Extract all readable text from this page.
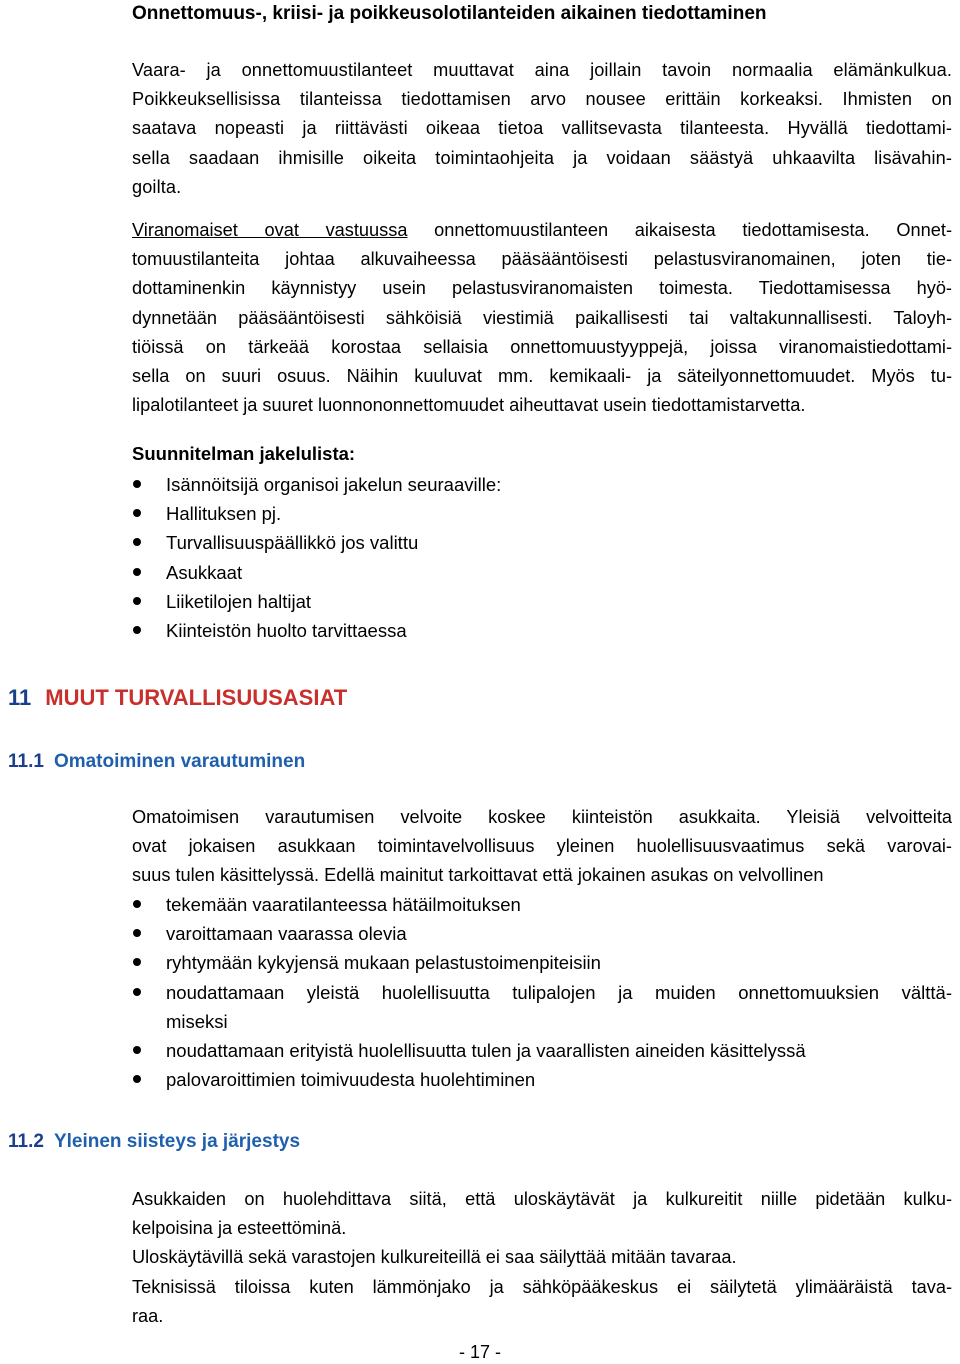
Onnettomuus-, kriisi- ja poikkeusolotilanteiden aikainen tiedottaminen
Vaara- ja onnettomuustilanteet muuttavat aina joillain tavoin normaalia elämänkulkua.
Poikkeuksellisissa tilanteissa tiedottamisen arvo nousee erittäin korkeaksi. Ihmisten on
saatava nopeasti ja riittävästi oikeaa tietoa vallitsevasta tilanteesta. Hyvällä tiedottami-
sella saadaan ihmisille oikeita toimintaohjeita ja voidaan säästyä uhkaavilta lisävahin-
goilta.
Viranomaiset ovat vastuussa onnettomuustilanteen aikaisesta tiedottamisesta. Onnet-
tomuustilanteita johtaa alkuvaiheessa pääsääntöisesti pelastusviranomainen, joten tie-
dottaminenkin käynnistyy usein pelastusviranomaisten toimesta. Tiedottamisessa hyö-
dynnetään pääsääntöisesti sähköisiä viestimiä paikallisesti tai valtakunnallisesti. Taloyh-
tiöissä on tärkeää korostaa sellaisia onnettomuustyyppejä, joissa viranomaistiedottami-
sella on suuri osuus. Näihin kuuluvat mm. kemikaali- ja säteilyonnettomuudet. Myös tu-
lipalotilanteet ja suuret luonnononnettomuudet aiheuttavat usein tiedottamistarvetta.
Suunnitelman jakelulista:
Isännöitsijä organisoi jakelun seuraaville:
Hallituksen pj.
Turvallisuuspäällikkö jos valittu
Asukkaat
Liiketilojen haltijat
Kiinteistön huolto tarvittaessa
11 MUUT TURVALLISUUSASIAT
11.1 Omatoiminen varautuminen
Omatoimisen varautumisen velvoite koskee kiinteistön asukkaita. Yleisiä velvoitteita
ovat jokaisen asukkaan toimintavelvollisuus yleinen huolellisuusvaatimus sekä varovai-
suus tulen käsittelyssä. Edellä mainitut tarkoittavat että jokainen asukas on velvollinen
tekemään vaaratilanteessa hätäilmoituksen
varoittamaan vaarassa olevia
ryhtymään kykyjensä mukaan pelastustoimenpiteisiin
noudattamaan yleistä huolellisuutta tulipalojen ja muiden onnettomuuksien välttä-
miseksi
noudattamaan erityistä huolellisuutta tulen ja vaarallisten aineiden käsittelyssä
palovaroittimien toimivuudesta huolehtiminen
11.2 Yleinen siisteys ja järjestys
Asukkaiden on huolehdittava siitä, että uloskäytävät ja kulkureitit niille pidetään kulku-
kelpoisina ja esteettöminä.
Uloskäytävillä sekä varastojen kulkureiteillä ei saa säilyttää mitään tavaraa.
Teknisissä tiloissa kuten lämmönjako ja sähköpääkeskus ei säilytetä ylimääräistä tava-
raa.
- 17 -
